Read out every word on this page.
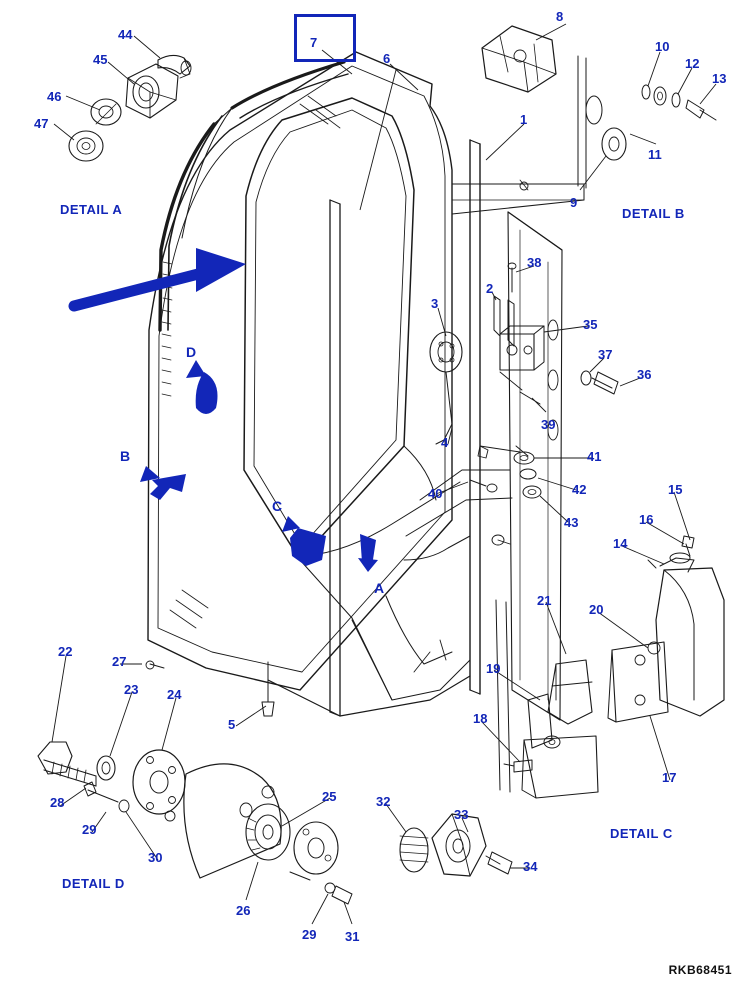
44
45
46
47
7
6
8
10
12
13
11
9
1
38
2
3
35
37
36
39
4
41
42
40
43
15
16
14
21
20
19
18
17
22
27
23 24
5
28
29
30
25
26
29 31
32
33
34
D
B
C
A
DETAIL A	DETAIL B
DETAIL C
DETAIL D
RKB68451
